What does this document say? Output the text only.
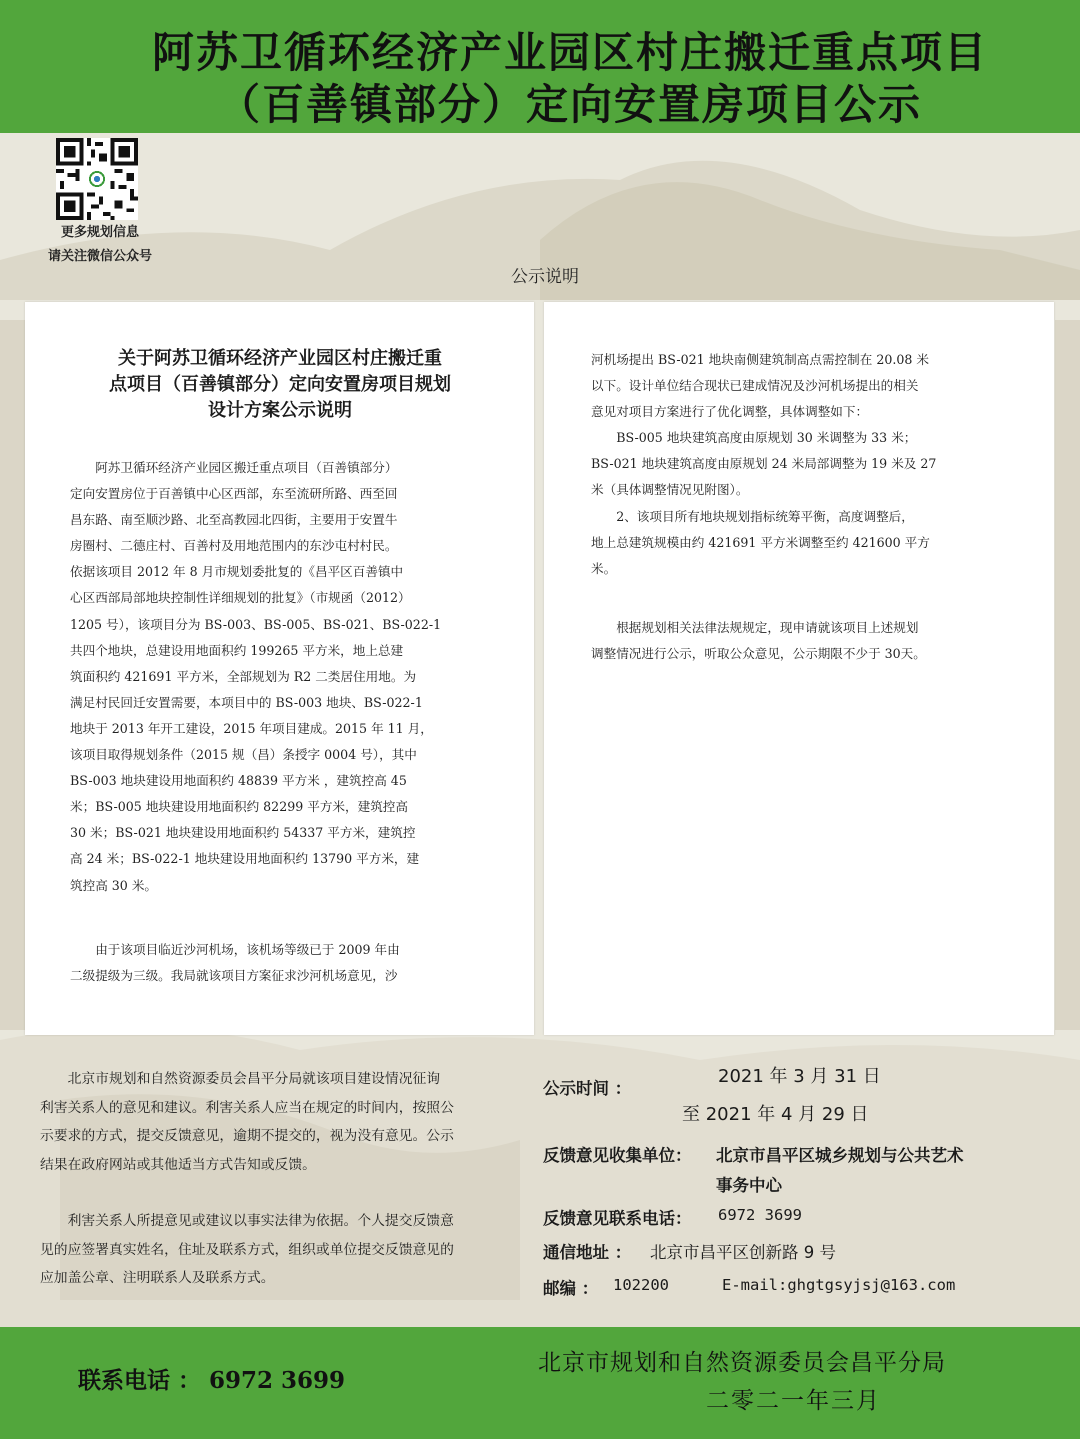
阿苏卫循环经济产业园区村庄搬迁重点项目
（百善镇部分）定向安置房项目公示
更多规划信息
请关注微信公众号
公示说明
关于阿苏卫循环经济产业园区村庄搬迁重
点项目（百善镇部分）定向安置房项目规划
设计方案公示说明
阿苏卫循环经济产业园区搬迁重点项目（百善镇部分）
定向安置房位于百善镇中心区西部，东至流研所路、西至回
昌东路、南至顺沙路、北至高教园北四街，主要用于安置牛
房圈村、二德庄村、百善村及用地范围内的东沙屯村村民。
依据该项目 2012 年 8 月市规划委批复的《昌平区百善镇中
心区西部局部地块控制性详细规划的批复》（市规函（2012）
1205 号），该项目分为 BS-003、BS-005、BS-021、BS-022-1
共四个地块，总建设用地面积约 199265 平方米，地上总建
筑面积约 421691 平方米，全部规划为 R2 二类居住用地。为
满足村民回迁安置需要，本项目中的 BS-003 地块、BS-022-1
地块于 2013 年开工建设，2015 年项目建成。2015 年 11 月，
该项目取得规划条件（2015 规（昌）条授字 0004 号），其中
BS-003 地块建设用地面积约 48839 平方米 ，建筑控高 45
米；BS-005 地块建设用地面积约 82299 平方米，建筑控高
30 米；BS-021 地块建设用地面积约 54337 平方米，建筑控
高 24 米；BS-022-1 地块建设用地面积约 13790 平方米，建
筑控高 30 米。
由于该项目临近沙河机场，该机场等级已于 2009 年由
二级提级为三级。我局就该项目方案征求沙河机场意见，沙
河机场提出 BS-021 地块南侧建筑制高点需控制在 20.08 米
以下。设计单位结合现状已建成情况及沙河机场提出的相关
意见对项目方案进行了优化调整，具体调整如下：
BS-005 地块建筑高度由原规划 30 米调整为 33 米；
BS-021 地块建筑高度由原规划 24 米局部调整为 19 米及 27
米（具体调整情况见附图）。
2、该项目所有地块规划指标统筹平衡，高度调整后，
地上总建筑规模由约 421691 平方米调整至约 421600 平方
米。
根据规划相关法律法规规定，现申请就该项目上述规划
调整情况进行公示，听取公众意见，公示期限不少于 30天。
北京市规划和自然资源委员会昌平分局就该项目建设情况征询
利害关系人的意见和建议。利害关系人应当在规定的时间内，按照公
示要求的方式，提交反馈意见，逾期不提交的，视为没有意见。公示
结果在政府网站或其他适当方式告知或反馈。
利害关系人所提意见或建议以事实法律为依据。个人提交反馈意
见的应签署真实姓名，住址及联系方式，组织或单位提交反馈意见的
应加盖公章、注明联系人及联系方式。
公示时间 ：
2021 年 3 月 31 日
至 2021 年 4 月 29 日
反馈意见收集单位： 北京市昌平区城乡规划与公共艺术
事务中心
反馈意见联系电话： 6972 3699
通信地址 ： 北京市昌平区创新路 9 号
邮编 ： 102200	E-mail:ghgtgsyjsj@163.com
联系电话 ： 6972 3699
北京市规划和自然资源委员会昌平分局
二零二一年三月
